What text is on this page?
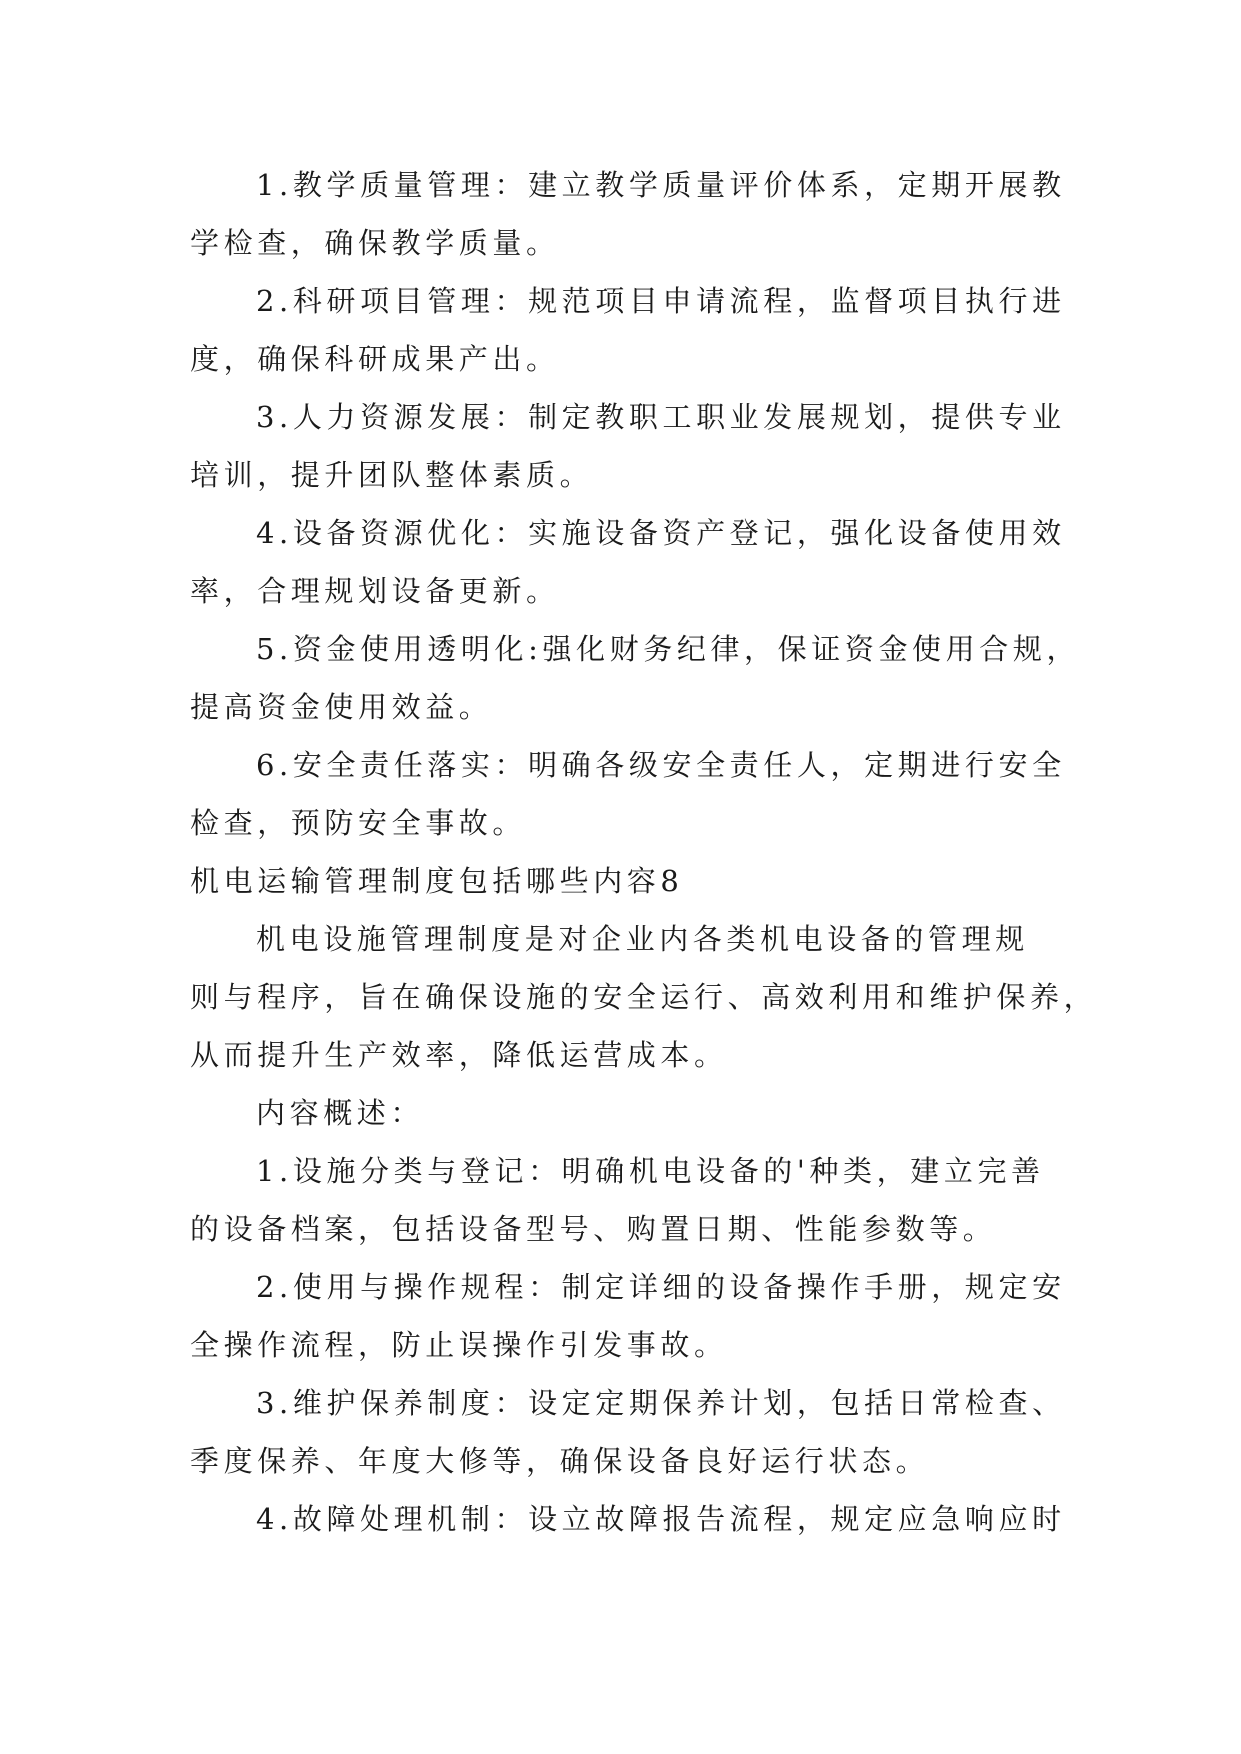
1.教学质量管理：建立教学质量评价体系，定期开展教
学检查，确保教学质量。
2.科研项目管理：规范项目申请流程，监督项目执行进
度，确保科研成果产出。
3.人力资源发展：制定教职工职业发展规划，提供专业
培训，提升团队整体素质。
4.设备资源优化：实施设备资产登记，强化设备使用效
率，合理规划设备更新。
5.资金使用透明化:强化财务纪律，保证资金使用合规，
提高资金使用效益。
6.安全责任落实：明确各级安全责任人，定期进行安全
检查，预防安全事故。
机电运输管理制度包括哪些内容8
机电设施管理制度是对企业内各类机电设备的管理规
则与程序，旨在确保设施的安全运行、高效利用和维护保养，
从而提升生产效率，降低运营成本。
内容概述：
1.设施分类与登记：明确机电设备的'种类，建立完善
的设备档案，包括设备型号、购置日期、性能参数等。
2.使用与操作规程：制定详细的设备操作手册，规定安
全操作流程，防止误操作引发事故。
3.维护保养制度：设定定期保养计划，包括日常检查、
季度保养、年度大修等，确保设备良好运行状态。
4.故障处理机制：设立故障报告流程，规定应急响应时
